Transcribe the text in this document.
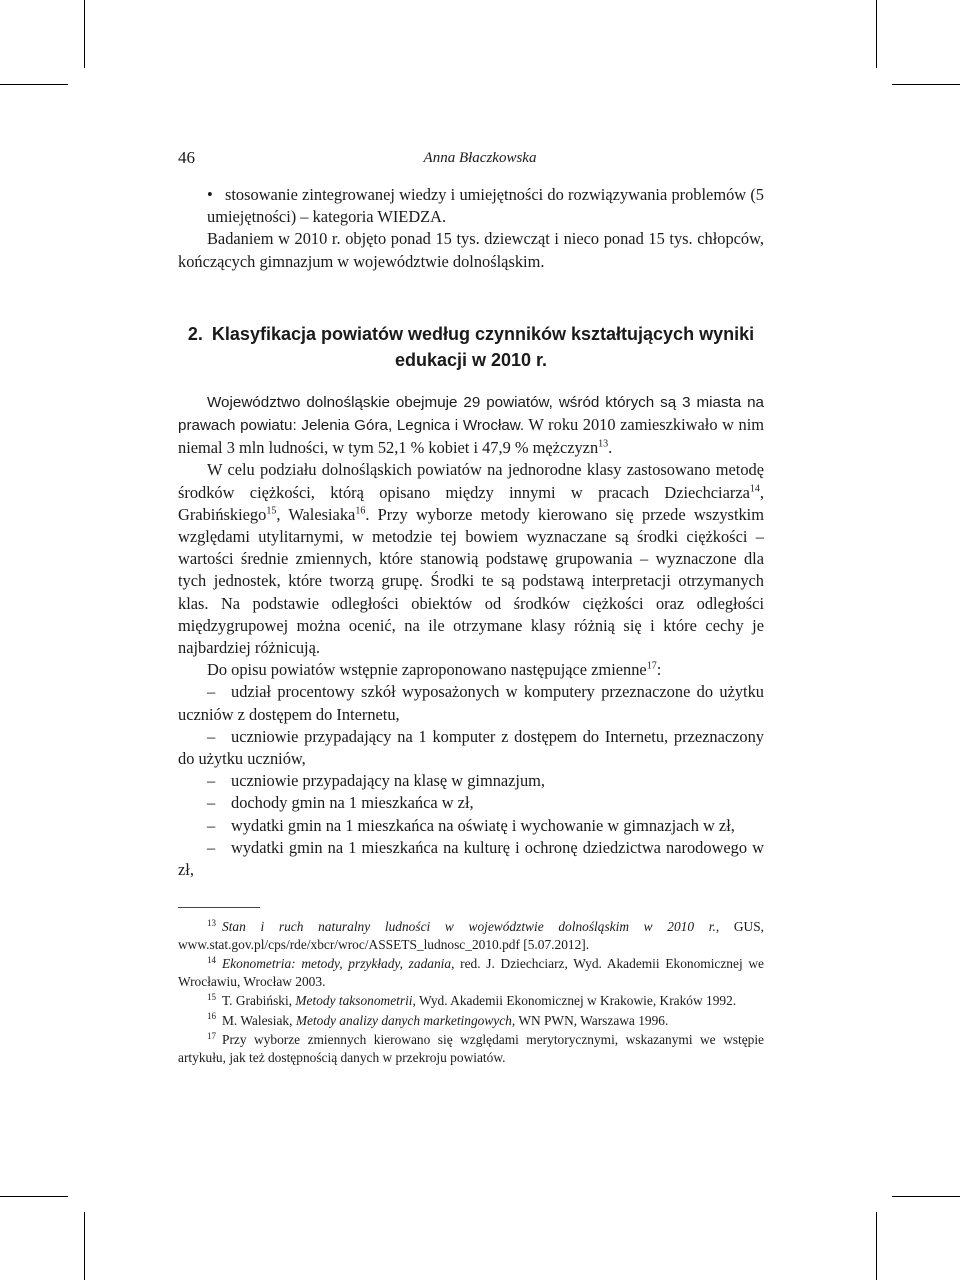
46	Anna Błaczkowska

• stosowanie zintegrowanej wiedzy i umiejętności do rozwiązywania problemów (5 umiejętności) – kategoria WIEDZA.

Badaniem w 2010 r. objęto ponad 15 tys. dziewcząt i nieco ponad 15 tys. chłopców, kończących gimnazjum w województwie dolnośląskim.

2. Klasyfikacja powiatów według czynników kształtujących wyniki edukacji w 2010 r.

Województwo dolnośląskie obejmuje 29 powiatów, wśród których są 3 miasta na prawach powiatu: Jelenia Góra, Legnica i Wrocław. W roku 2010 zamieszkiwało w nim niemal 3 mln ludności, w tym 52,1 % kobiet i 47,9 % mężczyzn$^{13}$.

W celu podziału dolnośląskich powiatów na jednorodne klasy zastosowano metodę środków ciężkości, którą opisano między innymi w pracach Dziechciarza$^{14}$, Grabińskiego$^{15}$, Walesiaka$^{16}$. Przy wyborze metody kierowano się przede wszystkim względami utylitarnymi, w metodzie tej bowiem wyznaczane są środki ciężkości – wartości średnie zmiennych, które stanowią podstawę grupowania – wyznaczone dla tych jednostek, które tworzą grupę. Środki te są podstawą interpretacji otrzymanych klas. Na podstawie odległości obiektów od środków ciężkości oraz odległości międzygrupowej można ocenić, na ile otrzymane klasy różnią się i które cechy je najbardziej różnicują.

Do opisu powiatów wstępnie zaproponowano następujące zmienne$^{17}$:

– udział procentowy szkół wyposażonych w komputery przeznaczone do użytku uczniów z dostępem do Internetu,

– uczniowie przypadający na 1 komputer z dostępem do Internetu, przeznaczony do użytku uczniów,

– uczniowie przypadający na klasę w gimnazjum,

– dochody gmin na 1 mieszkańca w zł,

– wydatki gmin na 1 mieszkańca na oświatę i wychowanie w gimnazjach w zł,

– wydatki gmin na 1 mieszkańca na kulturę i ochronę dziedzictwa narodowego w zł,

$^{13}$ Stan i ruch naturalny ludności w województwie dolnośląskim w 2010 r., GUS, www.stat.gov.pl/cps/rde/xbcr/wroc/ASSETS_ludnosc_2010.pdf [5.07.2012].

$^{14}$ Ekonometria: metody, przykłady, zadania, red. J. Dziechciarz, Wyd. Akademii Ekonomicznej we Wrocławiu, Wrocław 2003.

$^{15}$ T. Grabiński, Metody taksonometrii, Wyd. Akademii Ekonomicznej w Krakowie, Kraków 1992.

$^{16}$ M. Walesiak, Metody analizy danych marketingowych, WN PWN, Warszawa 1996.

$^{17}$ Przy wyborze zmiennych kierowano się względami merytorycznymi, wskazanymi we wstępie artykułu, jak też dostępnością danych w przekroju powiatów.
